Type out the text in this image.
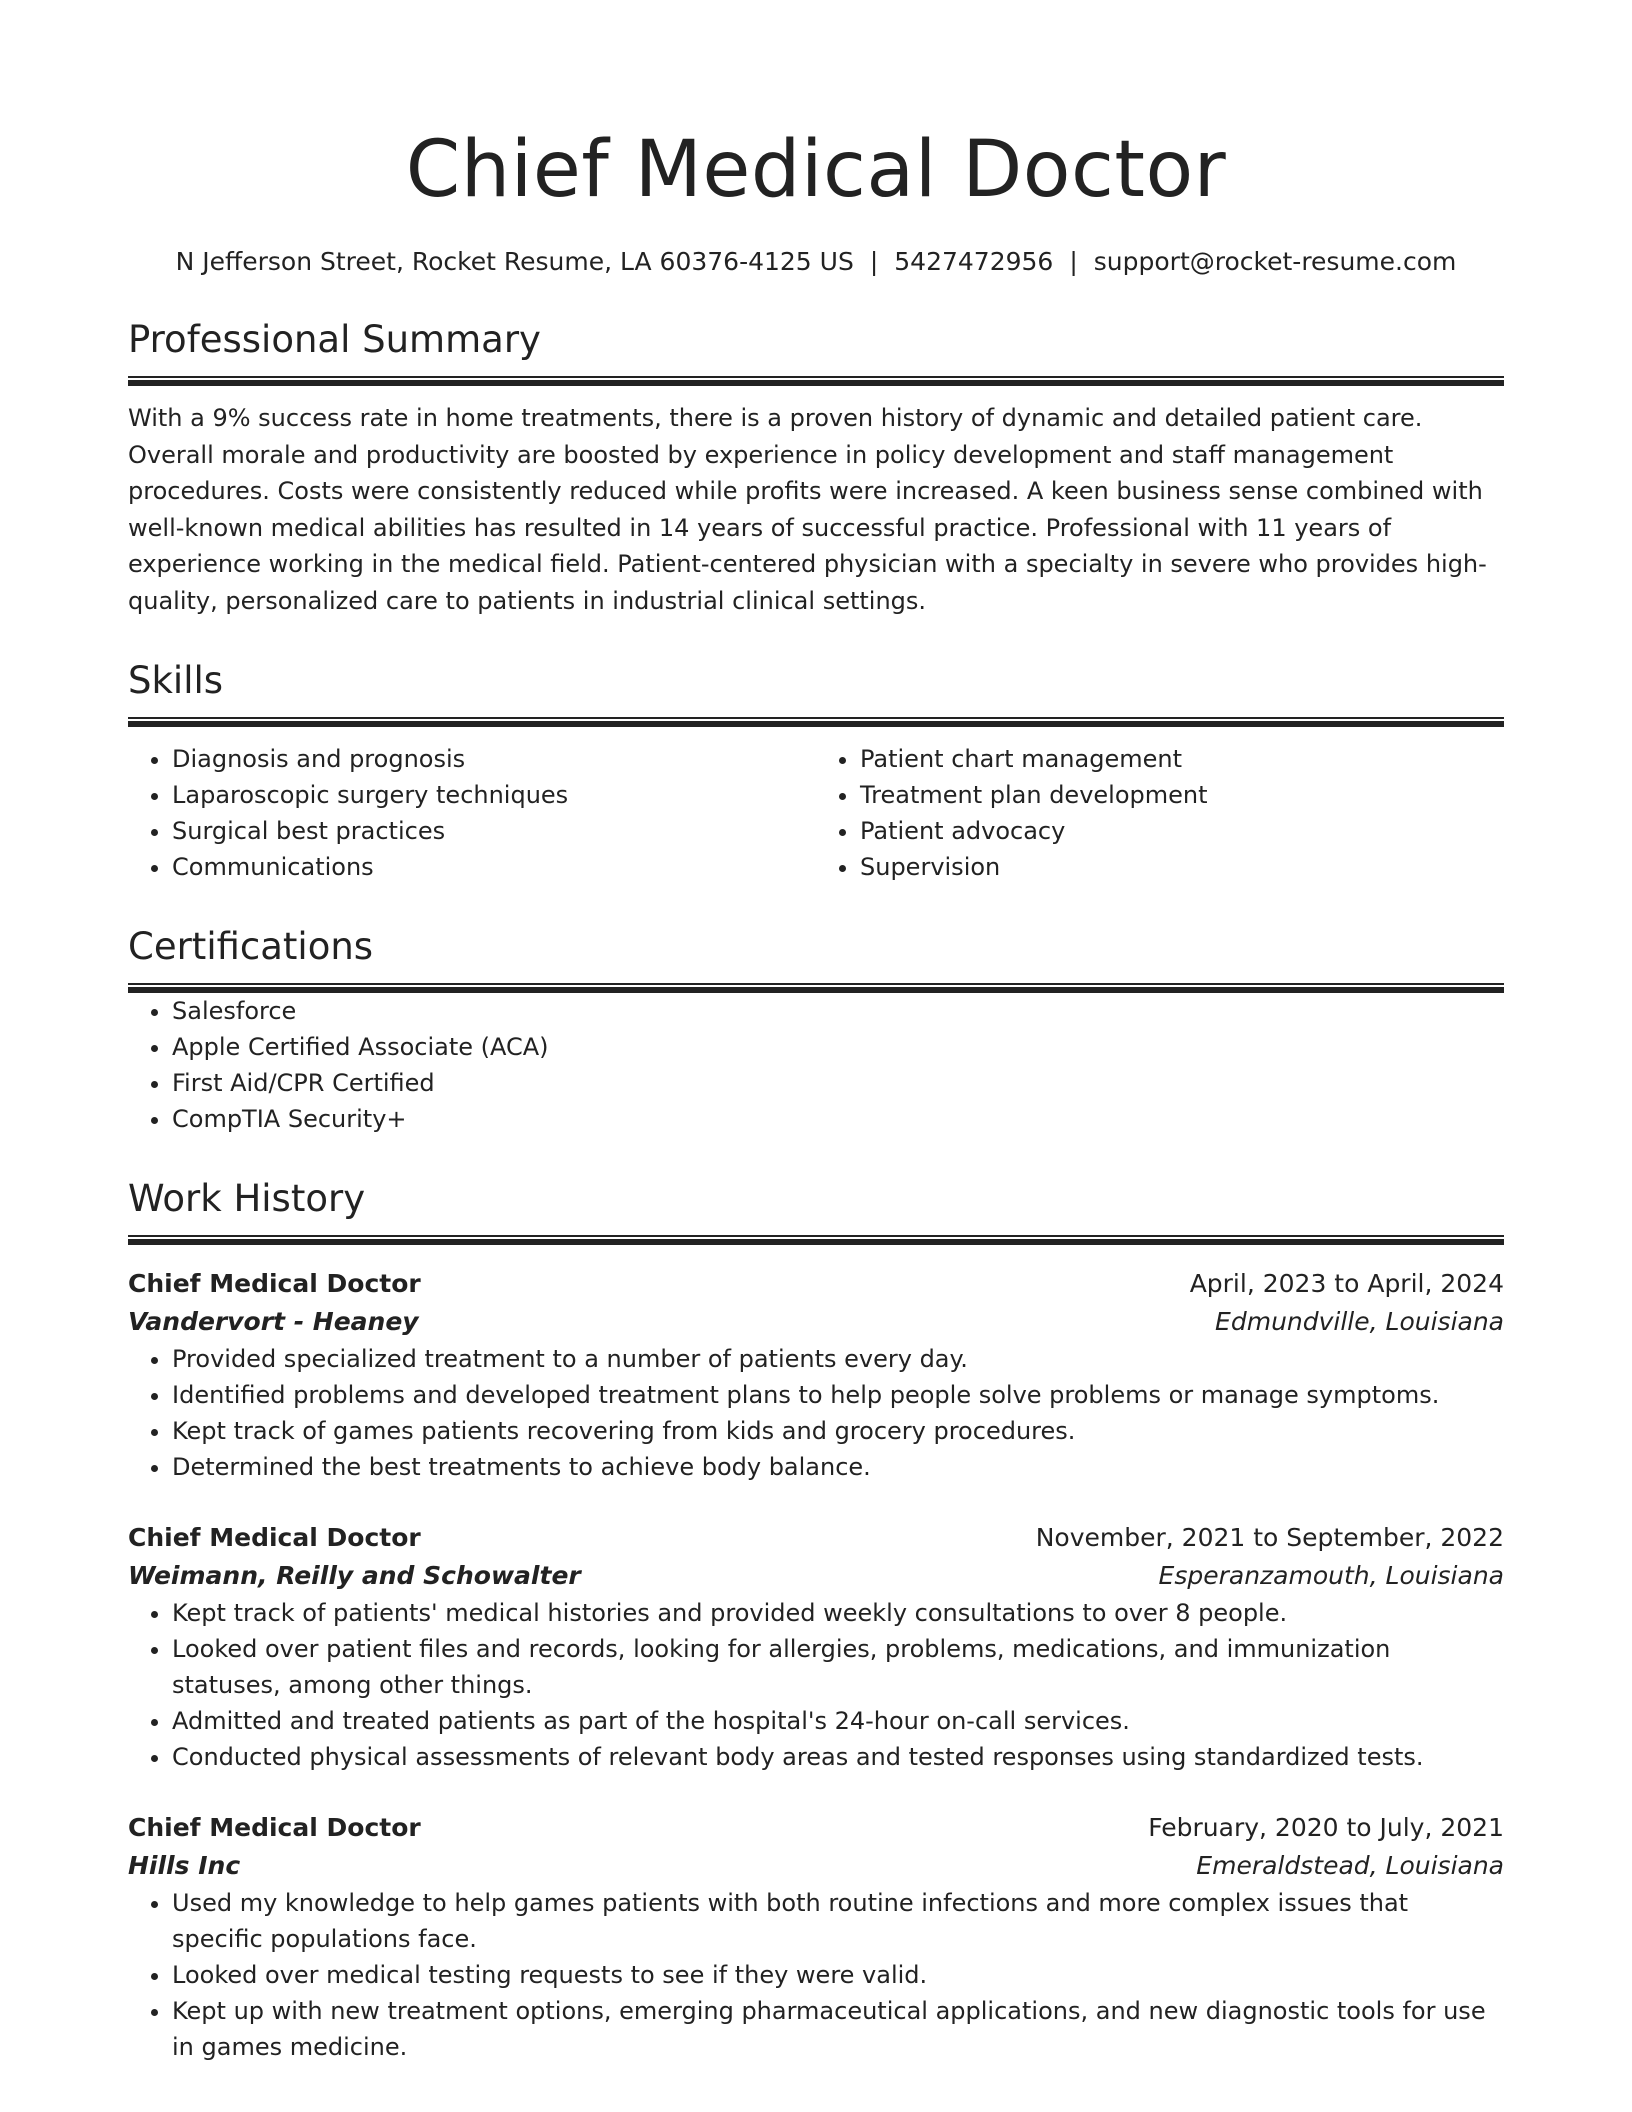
Chief Medical Doctor
N Jefferson Street, Rocket Resume, LA 60376-4125 US | 5427472956 | support@rocket-resume.com
Professional Summary
With a 9% success rate in home treatments, there is a proven history of dynamic and detailed patient care. Overall morale and productivity are boosted by experience in policy development and staff management procedures. Costs were consistently reduced while profits were increased. A keen business sense combined with well-known medical abilities has resulted in 14 years of successful practice. Professional with 11 years of experience working in the medical field. Patient-centered physician with a specialty in severe who provides high-quality, personalized care to patients in industrial clinical settings.
Skills
• Diagnosis and prognosis
• Laparoscopic surgery techniques
• Surgical best practices
• Communications
• Patient chart management
• Treatment plan development
• Patient advocacy
• Supervision
Certifications
• Salesforce
• Apple Certified Associate (ACA)
• First Aid/CPR Certified
• CompTIA Security+
Work History
Chief Medical Doctor	April, 2023 to April, 2024
Vandervort - Heaney	Edmundville, Louisiana
• Provided specialized treatment to a number of patients every day.
• Identified problems and developed treatment plans to help people solve problems or manage symptoms.
• Kept track of games patients recovering from kids and grocery procedures.
• Determined the best treatments to achieve body balance.
Chief Medical Doctor	November, 2021 to September, 2022
Weimann, Reilly and Schowalter	Esperanzamouth, Louisiana
• Kept track of patients' medical histories and provided weekly consultations to over 8 people.
• Looked over patient files and records, looking for allergies, problems, medications, and immunization statuses, among other things.
• Admitted and treated patients as part of the hospital's 24-hour on-call services.
• Conducted physical assessments of relevant body areas and tested responses using standardized tests.
Chief Medical Doctor	February, 2020 to July, 2021
Hills Inc	Emeraldstead, Louisiana
• Used my knowledge to help games patients with both routine infections and more complex issues that specific populations face.
• Looked over medical testing requests to see if they were valid.
• Kept up with new treatment options, emerging pharmaceutical applications, and new diagnostic tools for use in games medicine.
